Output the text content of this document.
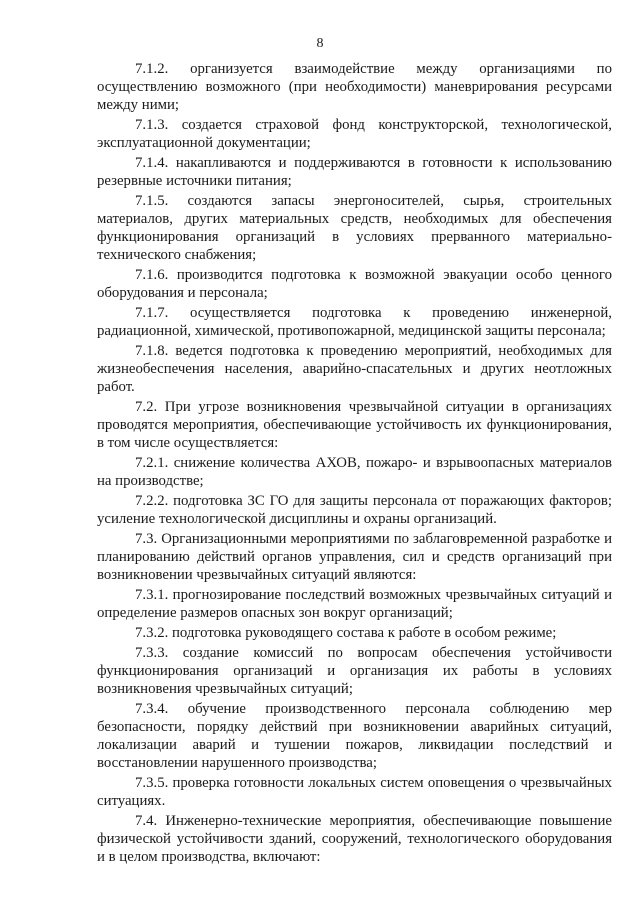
8

7.1.2. организуется взаимодействие между организациями по осуществлению возможного (при необходимости) маневрирования ресурсами между ними;

7.1.3. создается страховой фонд конструкторской, технологической, эксплуатационной документации;

7.1.4. накапливаются и поддерживаются в готовности к использованию резервные источники питания;

7.1.5. создаются запасы энергоносителей, сырья, строительных материалов, других материальных средств, необходимых для обеспечения функционирования организаций в условиях прерванного материально-технического снабжения;

7.1.6. производится подготовка к возможной эвакуации особо ценного оборудования и персонала;

7.1.7. осуществляется подготовка к проведению инженерной, радиационной, химической, противопожарной, медицинской защиты персонала;

7.1.8. ведется подготовка к проведению мероприятий, необходимых для жизнеобеспечения населения, аварийно-спасательных и других неотложных работ.

7.2. При угрозе возникновения чрезвычайной ситуации в организациях проводятся мероприятия, обеспечивающие устойчивость их функционирования, в том числе осуществляется:

7.2.1. снижение количества АХОВ, пожаро- и взрывоопасных материалов на производстве;

7.2.2. подготовка ЗС ГО для защиты персонала от поражающих факторов; усиление технологической дисциплины и охраны организаций.

7.3. Организационными мероприятиями по заблаговременной разработке и планированию действий органов управления, сил и средств организаций при возникновении чрезвычайных ситуаций являются:

7.3.1. прогнозирование последствий возможных чрезвычайных ситуаций и определение размеров опасных зон вокруг организаций;

7.3.2. подготовка руководящего состава к работе в особом режиме;

7.3.3. создание комиссий по вопросам обеспечения устойчивости функционирования организаций и организация их работы в условиях возникновения чрезвычайных ситуаций;

7.3.4. обучение производственного персонала соблюдению мер безопасности, порядку действий при возникновении аварийных ситуаций, локализации аварий и тушении пожаров, ликвидации последствий и восстановлении нарушенного производства;

7.3.5. проверка готовности локальных систем оповещения о чрезвычайных ситуациях.

7.4. Инженерно-технические мероприятия, обеспечивающие повышение физической устойчивости зданий, сооружений, технологического оборудования и в целом производства, включают:
